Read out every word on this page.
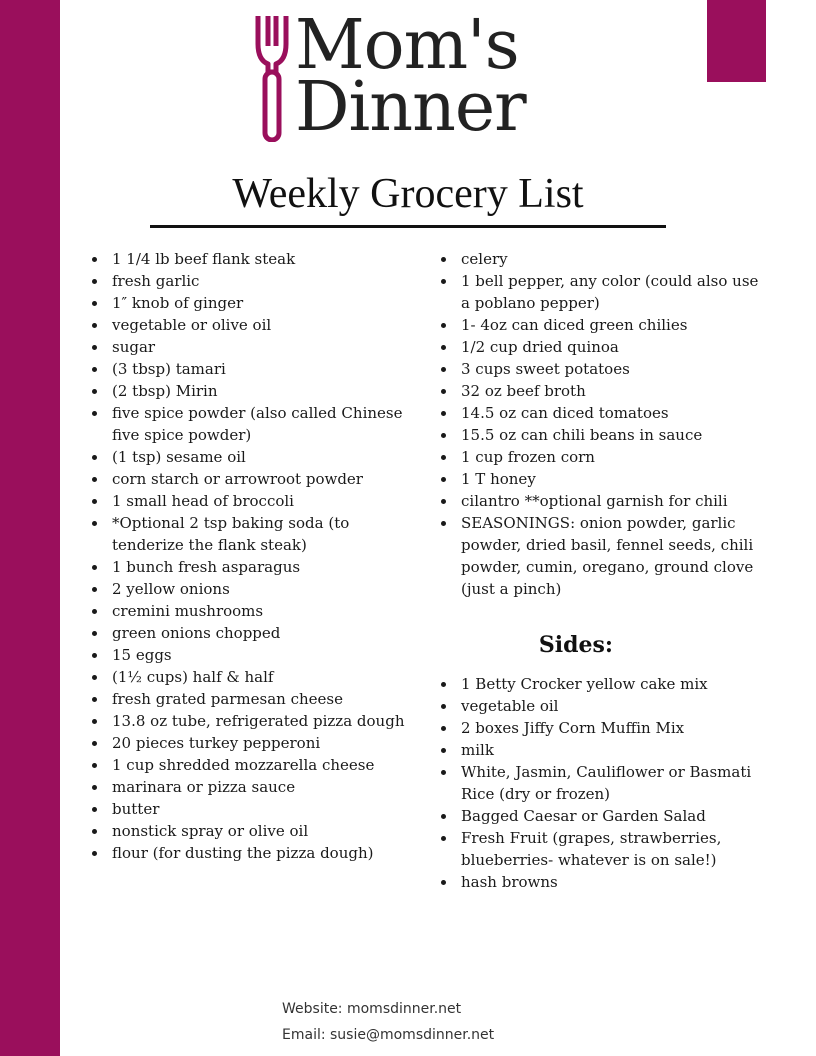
Mom's
Dinner
Weekly Grocery List
1 1/4 lb beef flank steak
fresh garlic
1″ knob of ginger
vegetable or olive oil
sugar
(3 tbsp) tamari
(2 tbsp) Mirin
five spice powder (also called Chinese five spice powder)
(1 tsp) sesame oil
corn starch or arrowroot powder
1 small head of broccoli
*Optional 2 tsp baking soda (to tenderize the flank steak)
1 bunch fresh asparagus
2 yellow onions
cremini mushrooms
green onions chopped
15 eggs
(1½ cups) half & half
fresh grated parmesan cheese
13.8 oz tube, refrigerated pizza dough
20 pieces turkey pepperoni
1 cup shredded mozzarella cheese
marinara or pizza sauce
butter
nonstick spray or olive oil
flour (for dusting the pizza dough)
celery
1 bell pepper, any color (could also use a poblano pepper)
1- 4oz can diced green chilies
1/2 cup dried quinoa
3 cups sweet potatoes
32 oz beef broth
14.5 oz can diced tomatoes
15.5 oz can chili beans in sauce
1 cup frozen corn
1 T honey
cilantro **optional garnish for chili
SEASONINGS: onion powder, garlic powder, dried basil, fennel seeds, chili powder, cumin, oregano, ground clove (just a pinch)
Sides:
1 Betty Crocker yellow cake mix
vegetable oil
2 boxes Jiffy Corn Muffin Mix
milk
White, Jasmin, Cauliflower or Basmati Rice (dry or frozen)
Bagged Caesar or Garden Salad
Fresh Fruit (grapes, strawberries, blueberries- whatever is on sale!)
hash browns
Website: momsdinner.net
Email: susie@momsdinner.net
